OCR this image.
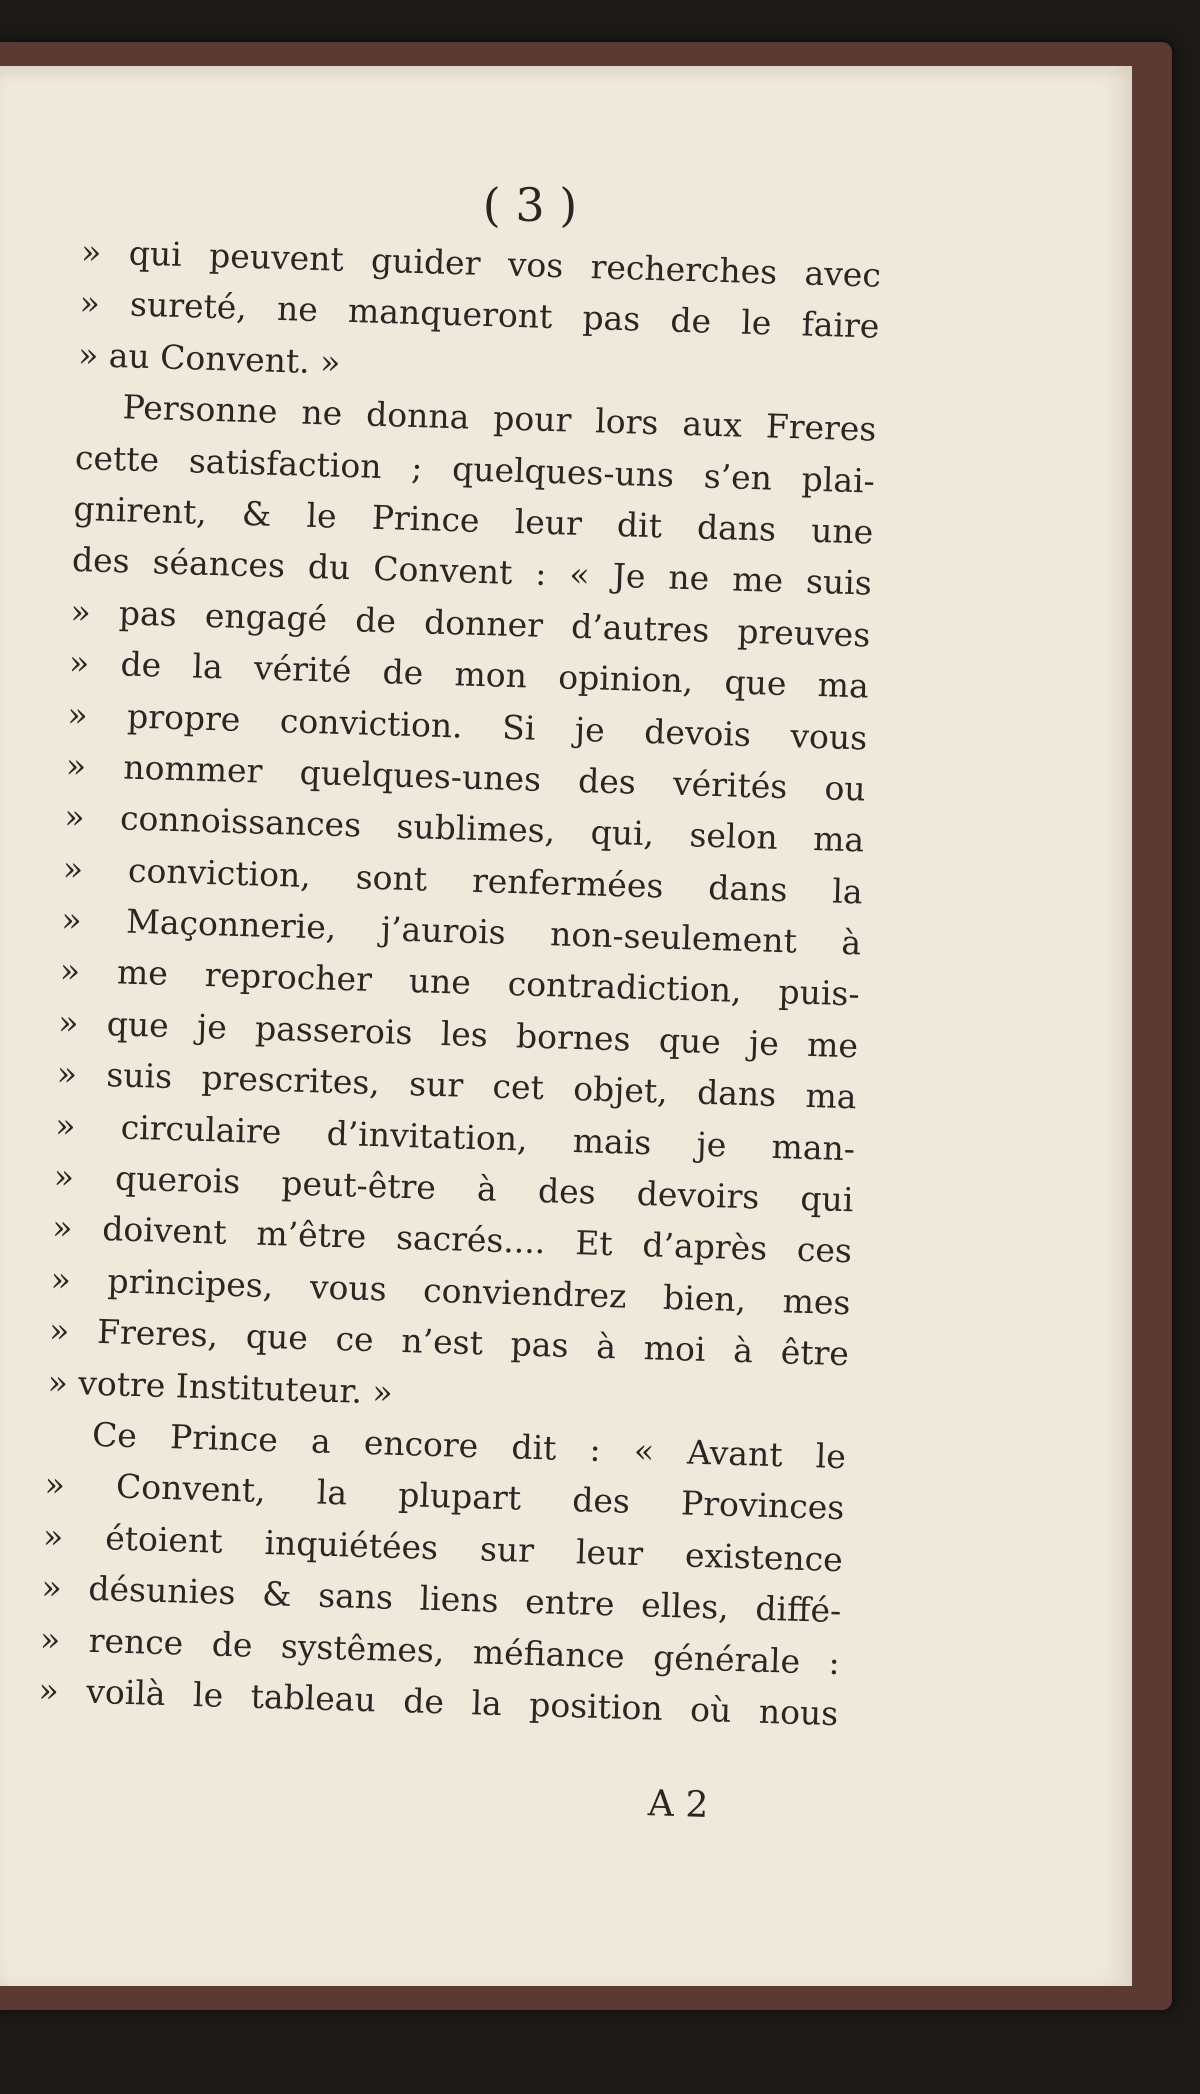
( 3 )

» qui peuvent guider vos recherches avec
» sureté, ne manqueront pas de le faire
» au Convent. »
Personne ne donna pour lors aux Freres
cette satisfaction ; quelques-uns s’en plai-
gnirent, & le Prince leur dit dans une
des séances du Convent : « Je ne me suis
» pas engagé de donner d’autres preuves
» de la vérité de mon opinion, que ma
» propre conviction. Si je devois vous
» nommer quelques-unes des vérités ou
» connoissances sublimes, qui, selon ma
» conviction, sont renfermées dans la
» Maçonnerie, j’aurois non-seulement à
» me reprocher une contradiction, puis-
» que je passerois les bornes que je me
» suis prescrites, sur cet objet, dans ma
» circulaire d’invitation, mais je man-
» querois peut-être à des devoirs qui
» doivent m’être sacrés.... Et d’après ces
» principes, vous conviendrez bien, mes
» Freres, que ce n’est pas à moi à être
» votre Instituteur. »
Ce Prince a encore dit : « Avant le
» Convent, la plupart des Provinces
» étoient inquiétées sur leur existence
» désunies & sans liens entre elles, diffé-
» rence de systêmes, méfiance générale :
» voilà le tableau de la position où nous

A 2
